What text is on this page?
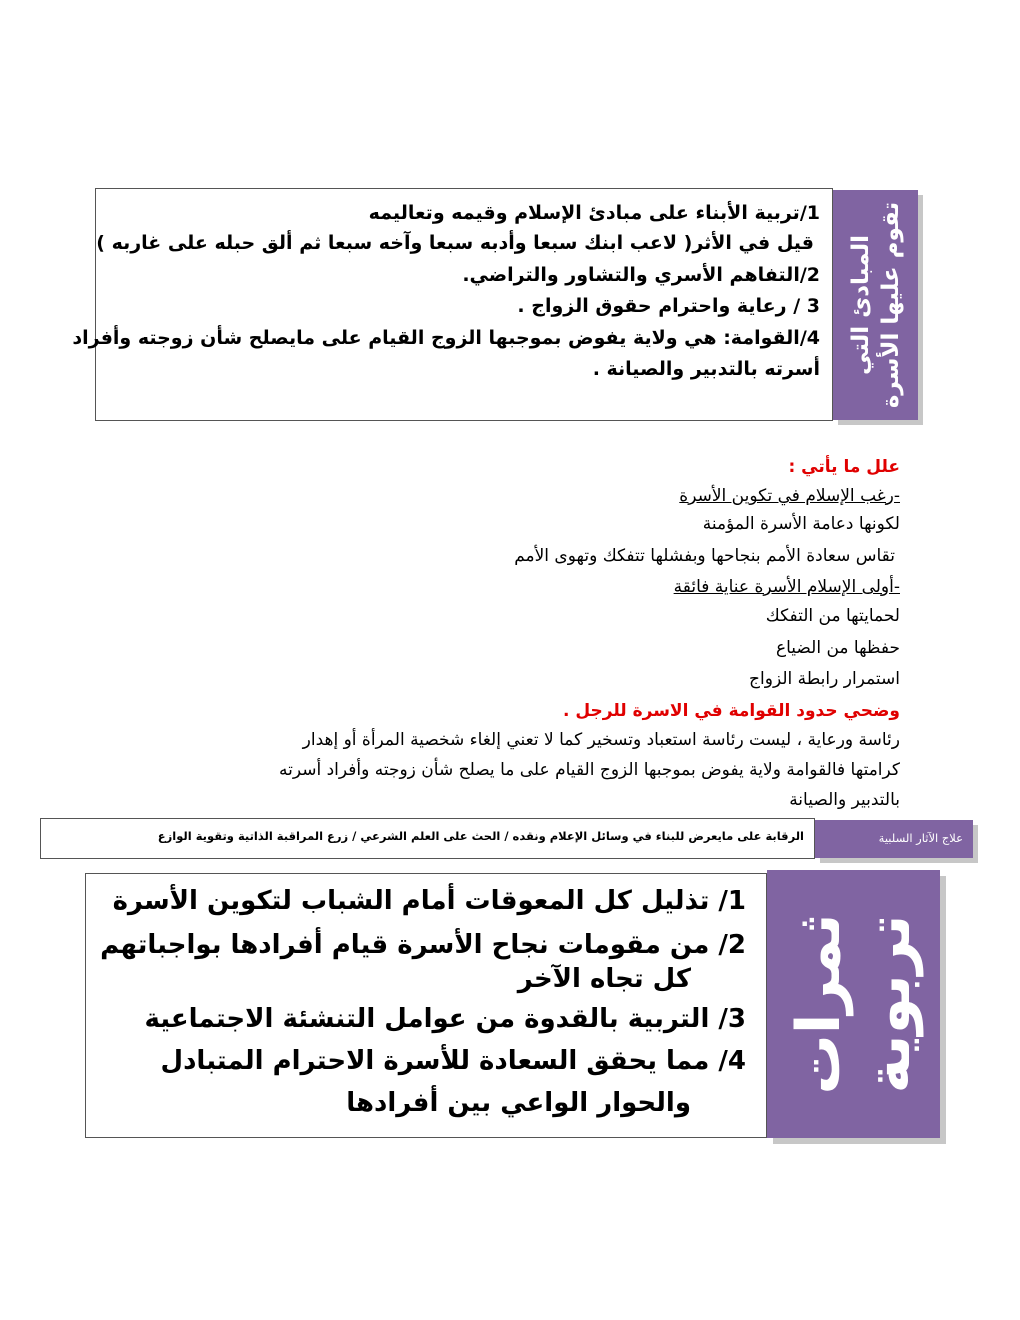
1/تربية الأبناء على مبادئ الإسلام وقيمه وتعاليمه
قيل في الأثر( لاعب ابنك سبعا وأدبه سبعا وآخه سبعا ثم ألق حبله على غاربه )
2/التفاهم الأسري والتشاور والتراضي.
3 / رعاية واحترام حقوق الزواج .
4/القوامة: هي ولاية يفوض بموجبها الزوج القيام على مايصلح شأن زوجته وأفراد
أسرته بالتدبير والصيانة . المبادئ التي تقوم عليها الأسرة
علل ما يأتي :
-رغب الإسلام في تكوين الأسرة
لكونها دعامة الأسرة المؤمنة
تقاس سعادة الأمم بنجاحها وبفشلها تتفكك وتهوى الأمم
-أولى الإسلام الأسرة عناية فائقة
لحمايتها من التفكك
حفظها من الضياع
استمرار رابطة الزواج
وضحي حدود القوامة في الاسرة للرجل .
رئاسة ورعاية ، ليست رئاسة استعباد وتسخير كما لا تعني إلغاء شخصية المرأة أو إهدار
كرامتها فالقوامة ولاية يفوض بموجبها الزوج القيام على ما يصلح شأن زوجته وأفراد أسرته
بالتدبير والصيانة
الرقابة على مايعرض للبناء في وسائل الإعلام ونقده / الحث على العلم الشرعي / زرع المراقبة الذاتية وتقوية الوازع	علاج الآثار السلبية
1/ تذليل كل المعوقات أمام الشباب لتكوين الأسرة
2/ من مقومات نجاح الأسرة قيام أفرادها بواجباتهم
كل تجاه الآخر
3/ التربية بالقدوة من عوامل التنشئة الاجتماعية
4/ مما يحقق السعادة للأسرة الاحترام المتبادل
والحوار الواعي بين أفرادها
ثمرات تربوية
